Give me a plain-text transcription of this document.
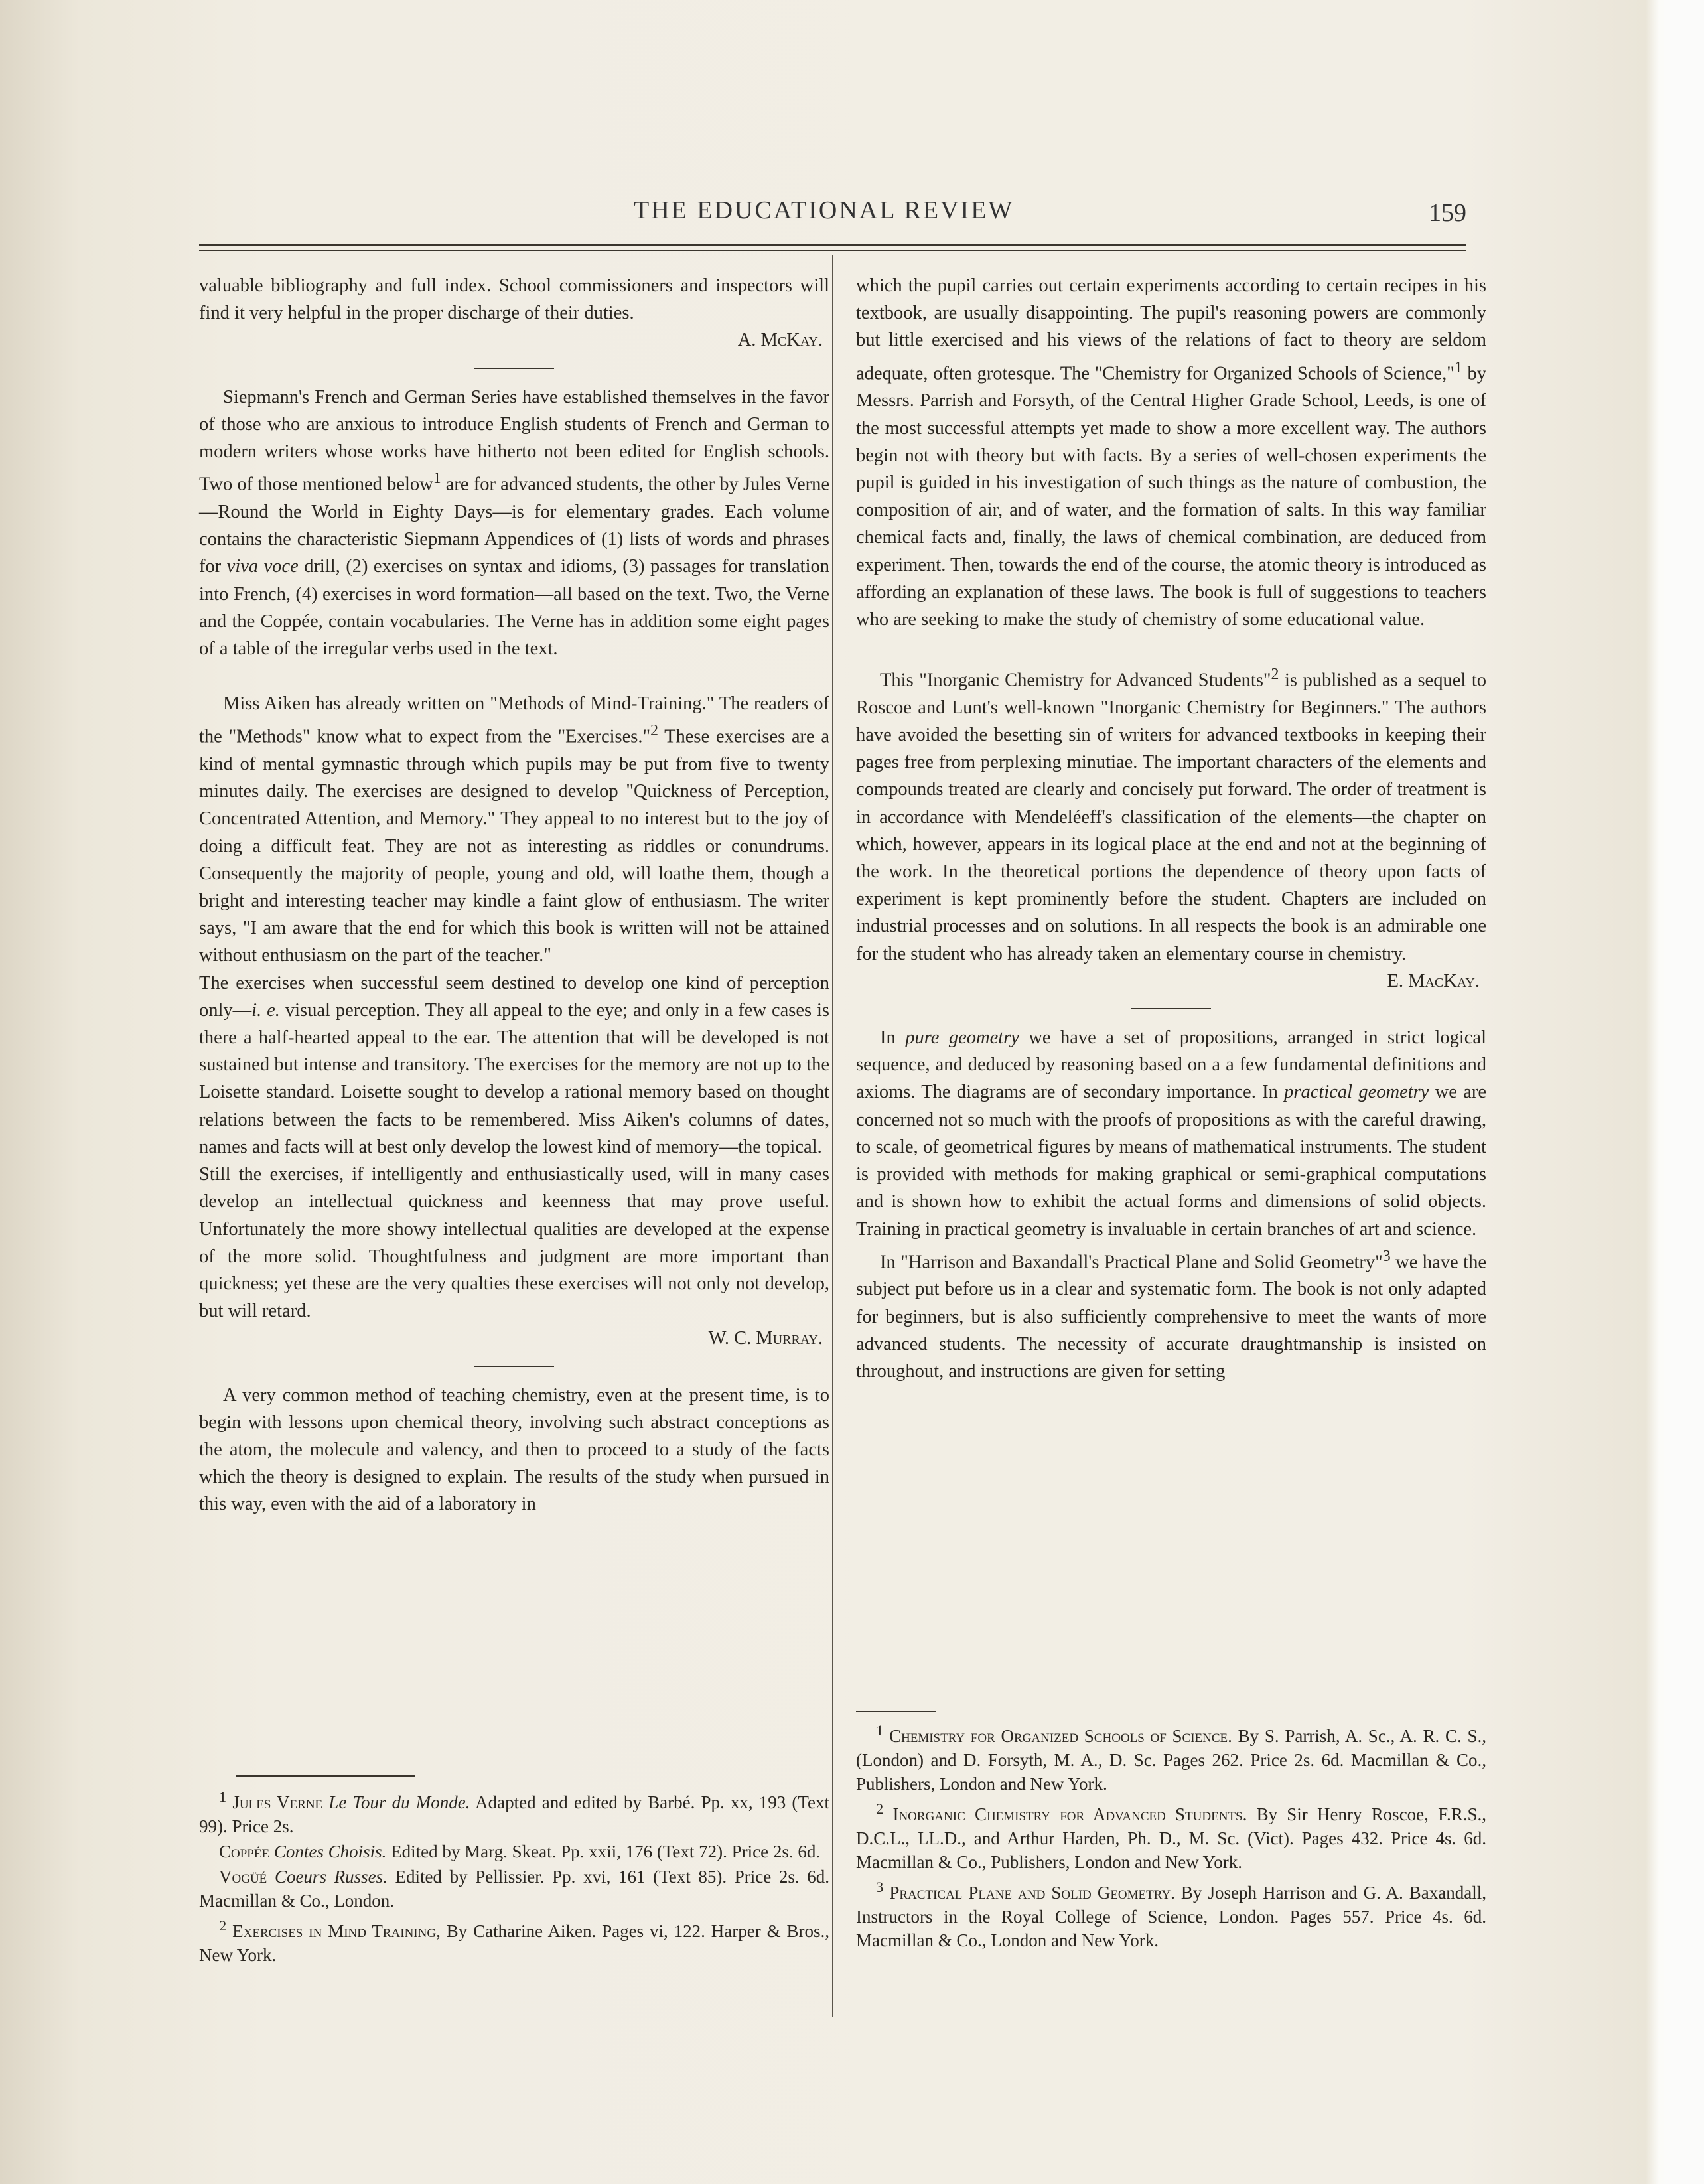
THE EDUCATIONAL REVIEW	159

valuable bibliography and full index. School commissioners and inspectors will find it very helpful in the proper discharge of their duties.

A. McKay.

Siepmann's French and German Series have established themselves in the favor of those who are anxious to introduce English students of French and German to modern writers whose works have hitherto not been edited for English schools. Two of those mentioned below$^1$ are for advanced students, the other by Jules Verne—Round the World in Eighty Days—is for elementary grades. Each volume contains the characteristic Siepmann Appendices of (1) lists of words and phrases for viva voce drill, (2) exercises on syntax and idioms, (3) passages for translation into French, (4) exercises in word formation—all based on the text. Two, the Verne and the Coppée, contain vocabularies. The Verne has in addition some eight pages of a table of the irregular verbs used in the text.

Miss Aiken has already written on "Methods of Mind-Training." The readers of the "Methods" know what to expect from the "Exercises."$^2$ These exercises are a kind of mental gymnastic through which pupils may be put from five to twenty minutes daily. The exercises are designed to develop "Quickness of Perception, Concentrated Attention, and Memory." They appeal to no interest but to the joy of doing a difficult feat. They are not as interesting as riddles or conundrums. Consequently the majority of people, young and old, will loathe them, though a bright and interesting teacher may kindle a faint glow of enthusiasm. The writer says, "I am aware that the end for which this book is written will not be attained without enthusiasm on the part of the teacher."

The exercises when successful seem destined to develop one kind of perception only—i. e. visual perception. They all appeal to the eye; and only in a few cases is there a half-hearted appeal to the ear. The attention that will be developed is not sustained but intense and transitory. The exercises for the memory are not up to the Loisette standard. Loisette sought to develop a rational memory based on thought relations between the facts to be remembered. Miss Aiken's columns of dates, names and facts will at best only develop the lowest kind of memory—the topical.

Still the exercises, if intelligently and enthusiastically used, will in many cases develop an intellectual quickness and keenness that may prove useful. Unfortunately the more showy intellectual qualities are developed at the expense of the more solid. Thoughtfulness and judgment are more important than quickness; yet these are the very qualties these exercises will not only not develop, but will retard.

W. C. Murray.

A very common method of teaching chemistry, even at the present time, is to begin with lessons upon chemical theory, involving such abstract conceptions as the atom, the molecule and valency, and then to proceed to a study of the facts which the theory is designed to explain. The results of the study when pursued in this way, even with the aid of a laboratory in

$^1$ Jules Verne Le Tour du Monde. Adapted and edited by Barbé. Pp. xx, 193 (Text 99). Price 2s.

Coppée Contes Choisis. Edited by Marg. Skeat. Pp. xxii, 176 (Text 72). Price 2s. 6d.

Vogüé Coeurs Russes. Edited by Pellissier. Pp. xvi, 161 (Text 85). Price 2s. 6d. Macmillan & Co., London.

$^2$ Exercises in Mind Training, By Catharine Aiken. Pages vi, 122. Harper & Bros., New York.

which the pupil carries out certain experiments according to certain recipes in his textbook, are usually disappointing. The pupil's reasoning powers are commonly but little exercised and his views of the relations of fact to theory are seldom adequate, often grotesque. The "Chemistry for Organized Schools of Science,"$^1$ by Messrs. Parrish and Forsyth, of the Central Higher Grade School, Leeds, is one of the most successful attempts yet made to show a more excellent way. The authors begin not with theory but with facts. By a series of well-chosen experiments the pupil is guided in his investigation of such things as the nature of combustion, the composition of air, and of water, and the formation of salts. In this way familiar chemical facts and, finally, the laws of chemical combination, are deduced from experiment. Then, towards the end of the course, the atomic theory is introduced as affording an explanation of these laws. The book is full of suggestions to teachers who are seeking to make the study of chemistry of some educational value.

This "Inorganic Chemistry for Advanced Students"$^2$ is published as a sequel to Roscoe and Lunt's well-known "Inorganic Chemistry for Beginners." The authors have avoided the besetting sin of writers for advanced textbooks in keeping their pages free from perplexing minutiae. The important characters of the elements and compounds treated are clearly and concisely put forward. The order of treatment is in accordance with Mendeléeff's classification of the elements—the chapter on which, however, appears in its logical place at the end and not at the beginning of the work. In the theoretical portions the dependence of theory upon facts of experiment is kept prominently before the student. Chapters are included on industrial processes and on solutions. In all respects the book is an admirable one for the student who has already taken an elementary course in chemistry.

E. MacKay.

In pure geometry we have a set of propositions, arranged in strict logical sequence, and deduced by reasoning based on a a few fundamental definitions and axioms. The diagrams are of secondary importance. In practical geometry we are concerned not so much with the proofs of propositions as with the careful drawing, to scale, of geometrical figures by means of mathematical instruments. The student is provided with methods for making graphical or semi-graphical computations and is shown how to exhibit the actual forms and dimensions of solid objects. Training in practical geometry is invaluable in certain branches of art and science.

In "Harrison and Baxandall's Practical Plane and Solid Geometry"$^3$ we have the subject put before us in a clear and systematic form. The book is not only adapted for beginners, but is also sufficiently comprehensive to meet the wants of more advanced students. The necessity of accurate draughtmanship is insisted on throughout, and instructions are given for setting

$^1$ Chemistry for Organized Schools of Science. By S. Parrish, A. Sc., A. R. C. S., (London) and D. Forsyth, M. A., D. Sc. Pages 262. Price 2s. 6d. Macmillan & Co., Publishers, London and New York.

$^2$ Inorganic Chemistry for Advanced Students. By Sir Henry Roscoe, F.R.S., D.C.L., LL.D., and Arthur Harden, Ph. D., M. Sc. (Vict). Pages 432. Price 4s. 6d. Macmillan & Co., Publishers, London and New York.

$^3$ Practical Plane and Solid Geometry. By Joseph Harrison and G. A. Baxandall, Instructors in the Royal College of Science, London. Pages 557. Price 4s. 6d. Macmillan & Co., London and New York.
